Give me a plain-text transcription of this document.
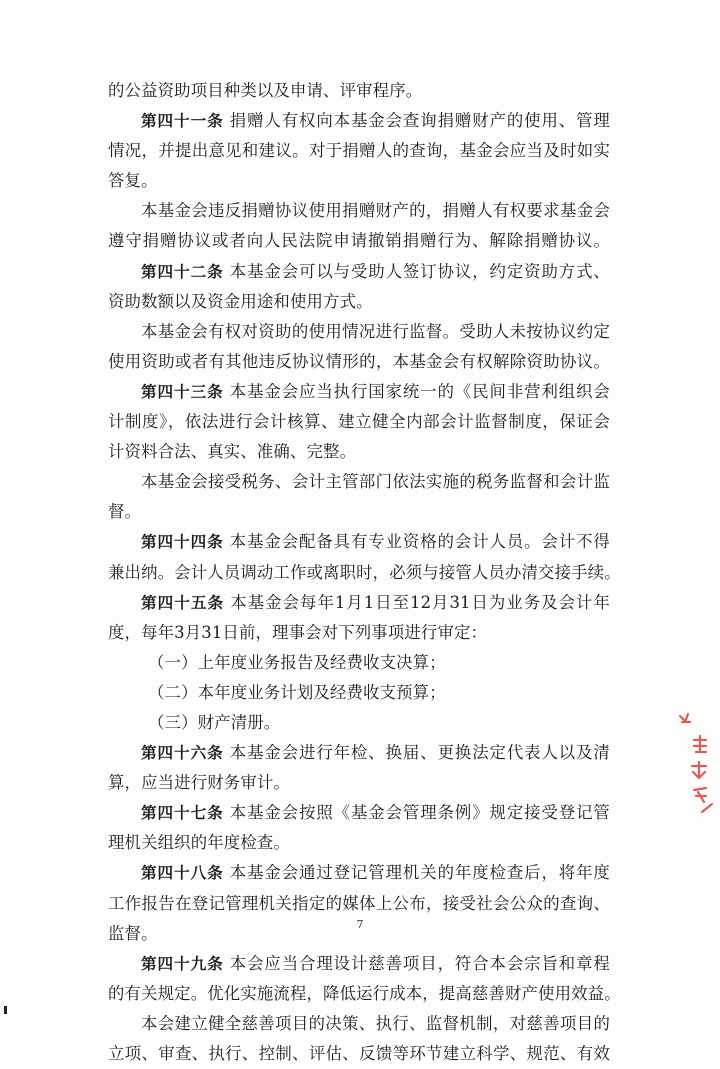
的公益资助项目种类以及申请、评审程序。
第四十一条 捐赠人有权向本基金会查询捐赠财产的使用、管理
情况，并提出意见和建议。对于捐赠人的查询，基金会应当及时如实
答复。
本基金会违反捐赠协议使用捐赠财产的，捐赠人有权要求基金会
遵守捐赠协议或者向人民法院申请撤销捐赠行为、解除捐赠协议。
第四十二条 本基金会可以与受助人签订协议，约定资助方式、
资助数额以及资金用途和使用方式。
本基金会有权对资助的使用情况进行监督。受助人未按协议约定
使用资助或者有其他违反协议情形的，本基金会有权解除资助协议。
第四十三条 本基金会应当执行国家统一的《民间非营利组织会
计制度》，依法进行会计核算、建立健全内部会计监督制度，保证会
计资料合法、真实、准确、完整。
本基金会接受税务、会计主管部门依法实施的税务监督和会计监
督。
第四十四条 本基金会配备具有专业资格的会计人员。会计不得
兼出纳。会计人员调动工作或离职时，必须与接管人员办清交接手续。
第四十五条 本基金会每年1月1日至12月31日为业务及会计年
度，每年3月31日前，理事会对下列事项进行审定：
（一）上年度业务报告及经费收支决算；
（二）本年度业务计划及经费收支预算；
（三）财产清册。
第四十六条 本基金会进行年检、换届、更换法定代表人以及清
算，应当进行财务审计。
第四十七条 本基金会按照《基金会管理条例》规定接受登记管
理机关组织的年度检查。
第四十八条 本基金会通过登记管理机关的年度检查后，将年度
工作报告在登记管理机关指定的媒体上公布，接受社会公众的查询、
监督。
第四十九条 本会应当合理设计慈善项目，符合本会宗旨和章程
的有关规定。优化实施流程，降低运行成本，提高慈善财产使用效益。
本会建立健全慈善项目的决策、执行、监督机制，对慈善项目的
立项、审查、执行、控制、评估、反馈等环节建立科学、规范、有效
7
